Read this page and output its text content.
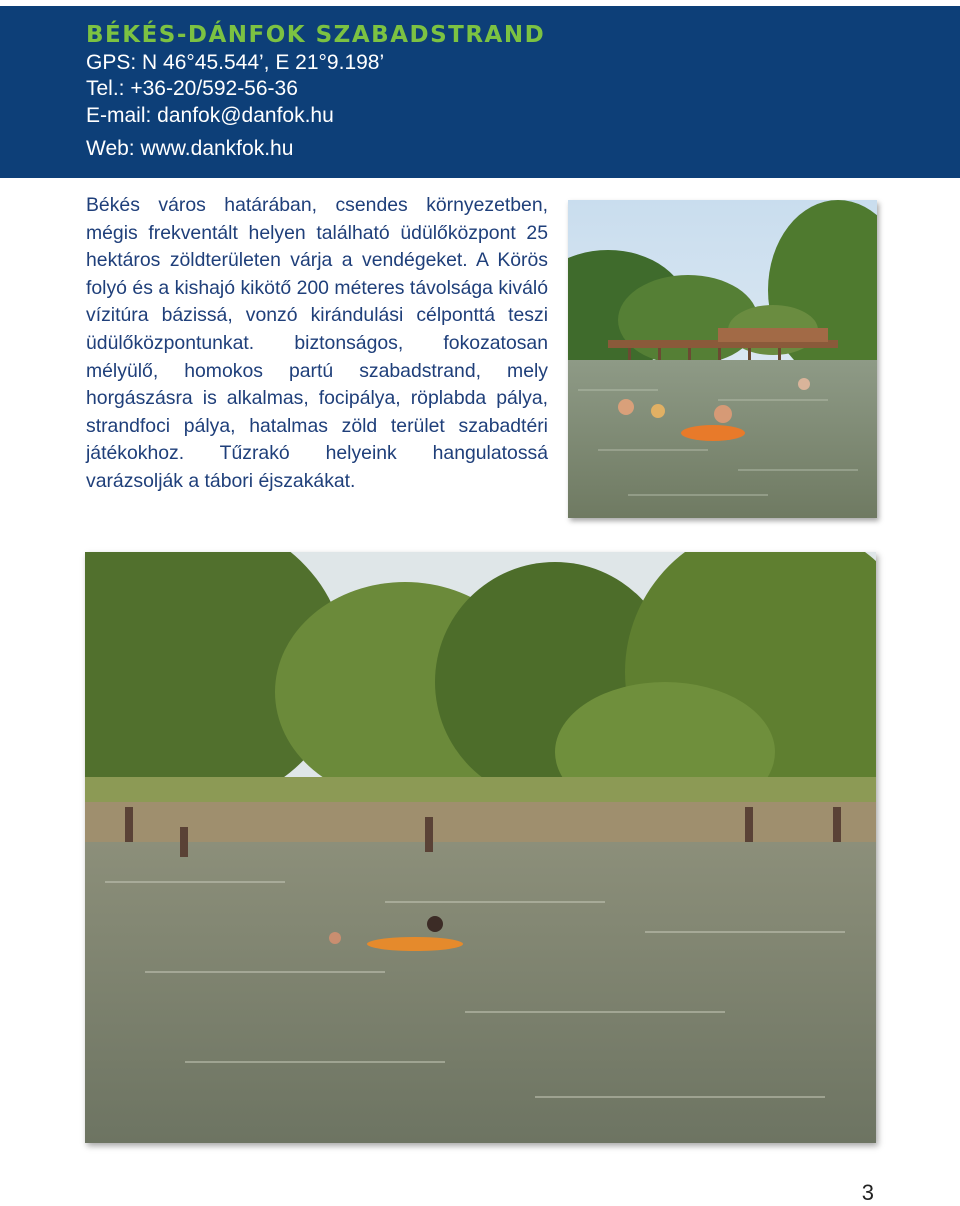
BÉKÉS-DÁNFOK SZABADSTRAND
GPS: N 46°45.544’, E 21°9.198’
Tel.: +36-20/592-56-36
E-mail: danfok@danfok.hu
Web: www.dankfok.hu

Békés város határában, csendes környezetben, mégis frekventált helyen található üdülőközpont 25 hektáros zöldterületen várja a vendégeket. A Körös folyó és a kishajó kikötő 200 méteres távolsága kiváló vízitúra bázissá, vonzó kirándulási célponttá teszi üdülőközpontunkat. biztonságos, fokozatosan mélyülő, homokos partú szabadstrand, mely horgászásra is alkalmas, focipálya, röplabda pálya, strandfoci pálya, hatalmas zöld terület szabadtéri játékokhoz. Tűzrakó helyeink hangulatossá varázsolják a tábori éjszakákat.

3
